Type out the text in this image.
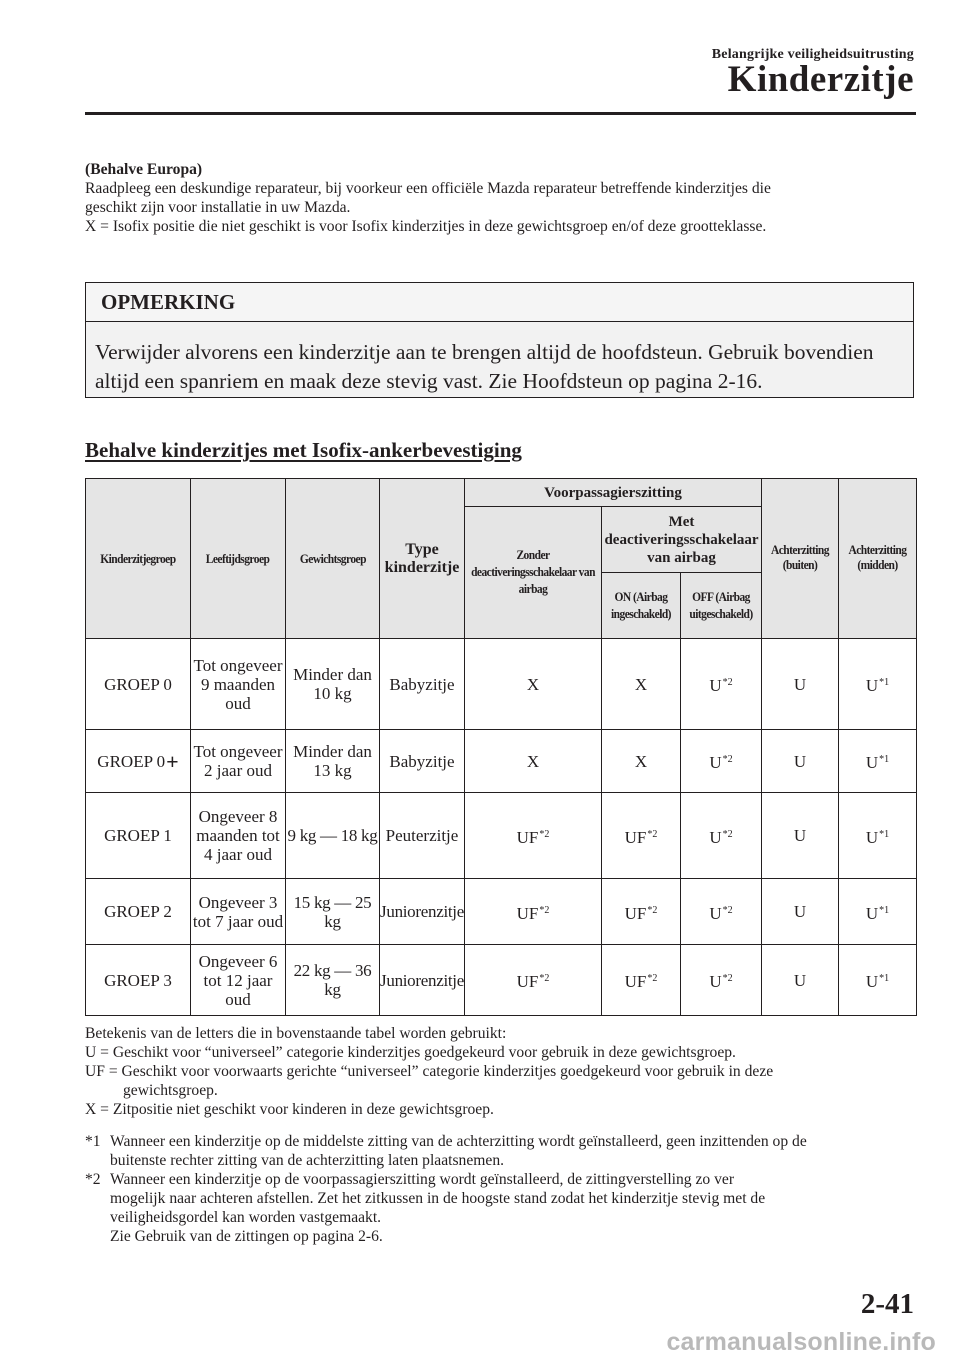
Belangrijke veiligheidsuitrusting
Kinderzitje
(Behalve Europa)
Raadpleeg een deskundige reparateur, bij voorkeur een officiële Mazda reparateur betreffende kinderzitjes die
geschikt zijn voor installatie in uw Mazda.
X = Isofix positie die niet geschikt is voor Isofix kinderzitjes in deze gewichtsgroep en/of deze grootteklasse.
OPMERKING
Verwijder alvorens een kinderzitje aan te brengen altijd de hoofdsteun. Gebruik bovendien
altijd een spanriem en maak deze stevig vast. Zie Hoofdsteun op pagina 2-16.
Behalve kinderzitjes met Isofix-ankerbevestiging
Kinderzitjegroep	Leeftijdsgroep	Gewichtsgroep	Type kinderzitje	Voorpassagierszitting			Achterzitting (buiten)	Achterzitting (midden)
				Zonder deactiveringsschakelaar van airbag	Met deactiveringsschakelaar van airbag			
					ON (Airbag ingeschakeld)	OFF (Airbag uitgeschakeld)		
GROEP 0	Tot ongeveer 9 maanden oud	Minder dan 10 kg	Babyzitje	X	X	$U^{*2}$	U	$U^{*1}$
GROEP 0+	Tot ongeveer 2 jaar oud	Minder dan 13 kg	Babyzitje	X	X	$U^{*2}$	U	$U^{*1}$
GROEP 1	Ongeveer 8 maanden tot 4 jaar oud	9 kg — 18 kg	Peuterzitje	UF$^{*2}$	UF$^{*2}$	$U^{*2}$	U	$U^{*1}$
GROEP 2	Ongeveer 3 tot 7 jaar oud	15 kg — 25 kg	Juniorenzitje	UF$^{*2}$	UF$^{*2}$	$U^{*2}$	U	$U^{*1}$
GROEP 3	Ongeveer 6 tot 12 jaar oud	22 kg — 36 kg	Juniorenzitje	UF$^{*2}$	UF$^{*2}$	$U^{*2}$	U	$U^{*1}$
Betekenis van de letters die in bovenstaande tabel worden gebruikt:
U = Geschikt voor “universeel” categorie kinderzitjes goedgekeurd voor gebruik in deze gewichtsgroep.
UF = Geschikt voor voorwaarts gerichte “universeel” categorie kinderzitjes goedgekeurd voor gebruik in deze
gewichtsgroep.
X = Zitpositie niet geschikt voor kinderen in deze gewichtsgroep.
*1 Wanneer een kinderzitje op de middelste zitting van de achterzitting wordt geïnstalleerd, geen inzittenden op de
buitenste rechter zitting van de achterzitting laten plaatsnemen.
*2 Wanneer een kinderzitje op de voorpassagierszitting wordt geïnstalleerd, de zittingverstelling zo ver
mogelijk naar achteren afstellen. Zet het zitkussen in de hoogste stand zodat het kinderzitje stevig met de
veiligheidsgordel kan worden vastgemaakt.
Zie Gebruik van de zittingen op pagina 2-6.
2-41
carmanualsonline.info
